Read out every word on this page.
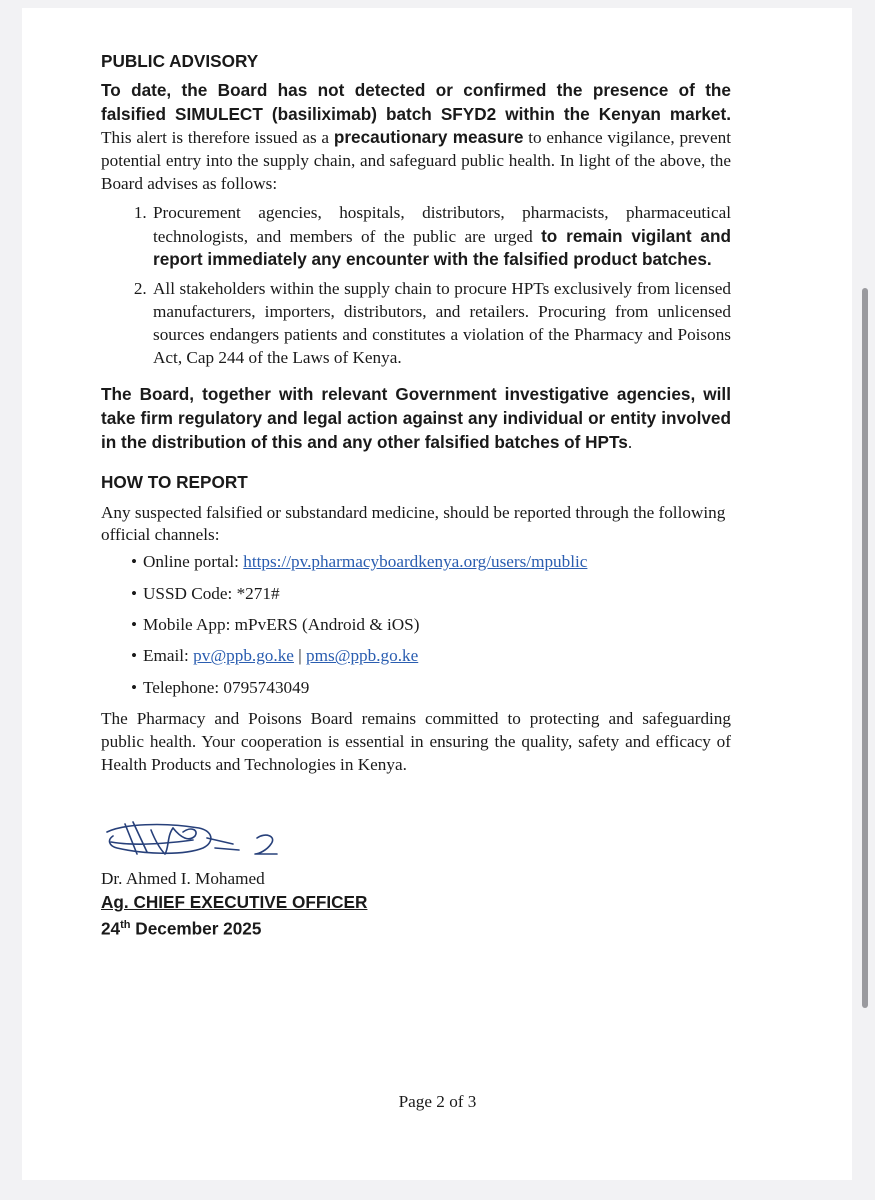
PUBLIC ADVISORY

To date, the Board has not detected or confirmed the presence of the falsified SIMULECT (basiliximab) batch SFYD2 within the Kenyan market. This alert is therefore issued as a precautionary measure to enhance vigilance, prevent potential entry into the supply chain, and safeguard public health. In light of the above, the Board advises as follows:

1. Procurement agencies, hospitals, distributors, pharmacists, pharmaceutical technologists, and members of the public are urged to remain vigilant and report immediately any encounter with the falsified product batches.
2. All stakeholders within the supply chain to procure HPTs exclusively from licensed manufacturers, importers, distributors, and retailers. Procuring from unlicensed sources endangers patients and constitutes a violation of the Pharmacy and Poisons Act, Cap 244 of the Laws of Kenya.

The Board, together with relevant Government investigative agencies, will take firm regulatory and legal action against any individual or entity involved in the distribution of this and any other falsified batches of HPTs.

HOW TO REPORT

Any suspected falsified or substandard medicine, should be reported through the following official channels:

• Online portal: https://pv.pharmacyboardkenya.org/users/mpublic
• USSD Code: *271#
• Mobile App: mPvERS (Android & iOS)
• Email: pv@ppb.go.ke | pms@ppb.go.ke
• Telephone: 0795743049

The Pharmacy and Poisons Board remains committed to protecting and safeguarding public health. Your cooperation is essential in ensuring the quality, safety and efficacy of Health Products and Technologies in Kenya.

Dr. Ahmed I. Mohamed

Ag. CHIEF EXECUTIVE OFFICER

24th December 2025

Page 2 of 3
